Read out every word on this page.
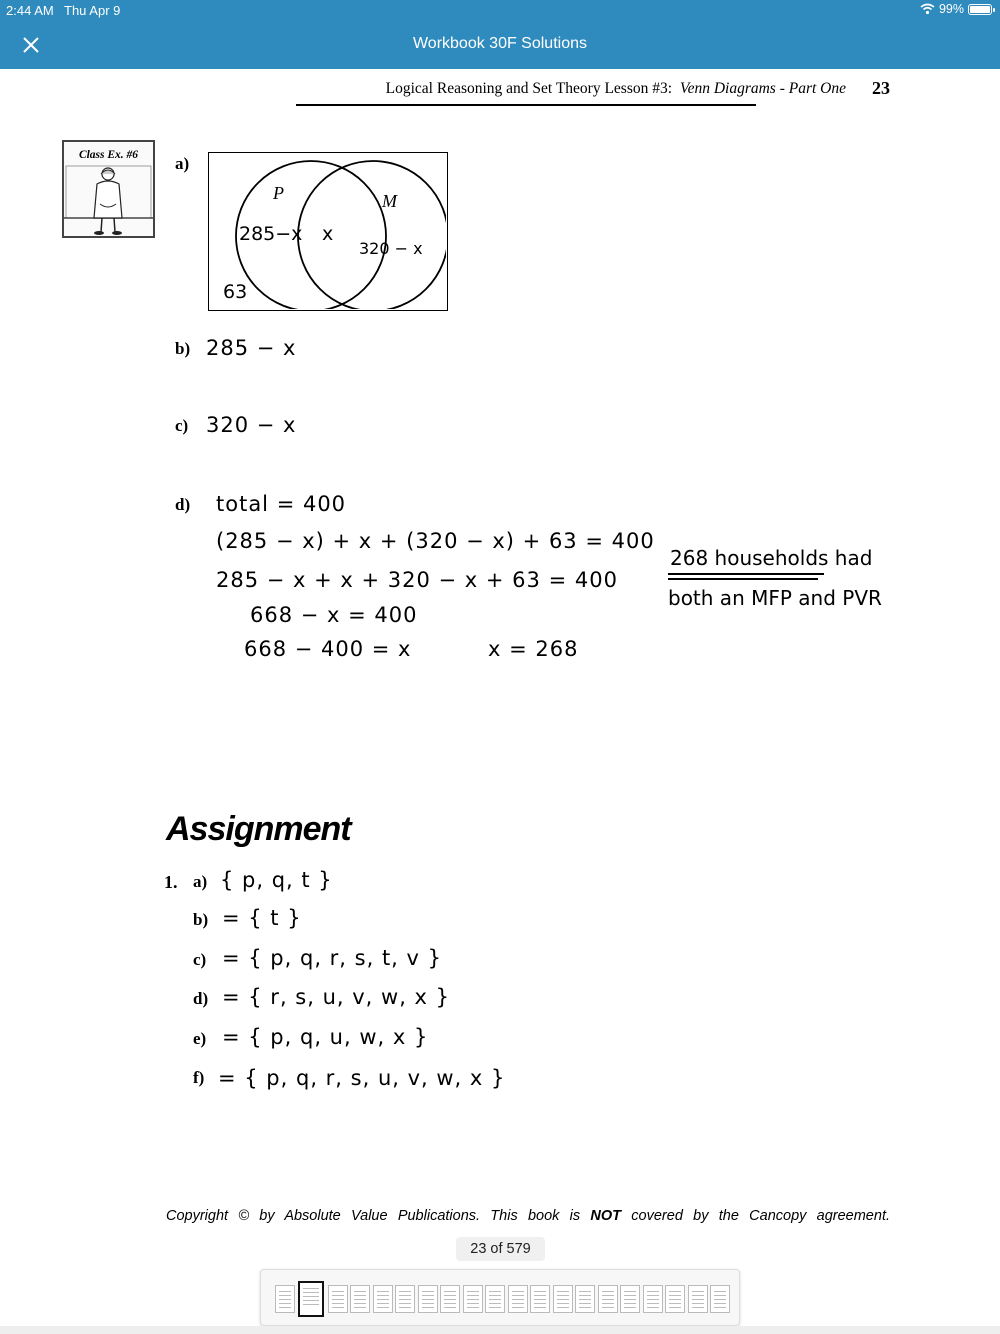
2:44 AM Thu Apr 9	99%
Workbook 30F Solutions
Logical Reasoning and Set Theory Lesson #3: Venn Diagrams - Part One 23
Class Ex. #6	a)
P	M
285−x x
320 − x
63
b) 285 − x
c) 320 − x
d) total = 400
(285 − x) + x + (320 − x) + 63 = 400
285 − x + x + 320 − x + 63 = 400
668 − x = 400
668 − 400 = x	x = 268
268 households had
both an MFP and PVR
Assignment
1. a) { p, q, t }
b) = { t }
c) = { p, q, r, s, t, v }
d) = { r, s, u, v, w, x }
e) = { p, q, u, w, x }
f) = { p, q, r, s, u, v, w, x }
Copyright © by Absolute Value Publications. This book is NOT covered by the Cancopy agreement.
23 of 579
